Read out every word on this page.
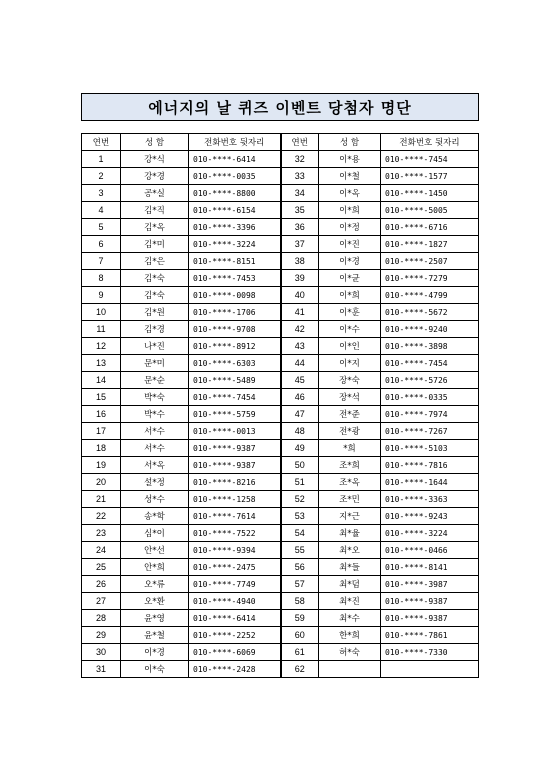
에너지의 날 퀴즈 이벤트 당첨자 명단
연번	성 함	전화번호 뒷자리	연번	성 함	전화번호 뒷자리
1	강*식	010-****-6414	32	이*용	010-****-7454
2	강*경	010-****-0035	33	이*철	010-****-1577
3	공*실	010-****-8800	34	이*옥	010-****-1450
4	김*직	010-****-6154	35	이*희	010-****-5005
5	김*옥	010-****-3396	36	이*정	010-****-6716
6	김*미	010-****-3224	37	이*진	010-****-1827
7	김*은	010-****-8151	38	이*경	010-****-2507
8	김*숙	010-****-7453	39	이*균	010-****-7279
9	김*숙	010-****-0098	40	이*희	010-****-4799
10	김*원	010-****-1706	41	이*훈	010-****-5672
11	김*경	010-****-9708	42	이*수	010-****-9240
12	나*진	010-****-8912	43	이*인	010-****-3898
13	문*미	010-****-6303	44	이*지	010-****-7454
14	문*순	010-****-5489	45	장*숙	010-****-5726
15	박*숙	010-****-7454	46	장*석	010-****-0335
16	박*수	010-****-5759	47	전*준	010-****-7974
17	서*수	010-****-0013	48	전*광	010-****-7267
18	서*수	010-****-9387	49	*희	010-****-5103
19	서*옥	010-****-9387	50	조*희	010-****-7816
20	설*정	010-****-8216	51	조*옥	010-****-1644
21	성*수	010-****-1258	52	조*민	010-****-3363
22	송*학	010-****-7614	53	지*근	010-****-9243
23	심*이	010-****-7522	54	최*율	010-****-3224
24	안*선	010-****-9394	55	최*오	010-****-0466
25	안*희	010-****-2475	56	최*들	010-****-8141
26	오*류	010-****-7749	57	최*덤	010-****-3987
27	오*환	010-****-4940	58	최*진	010-****-9387
28	윤*영	010-****-6414	59	최*수	010-****-9387
29	윤*철	010-****-2252	60	한*희	010-****-7861
30	이*경	010-****-6069	61	허*숙	010-****-7330
31	이*숙	010-****-2428	62		
